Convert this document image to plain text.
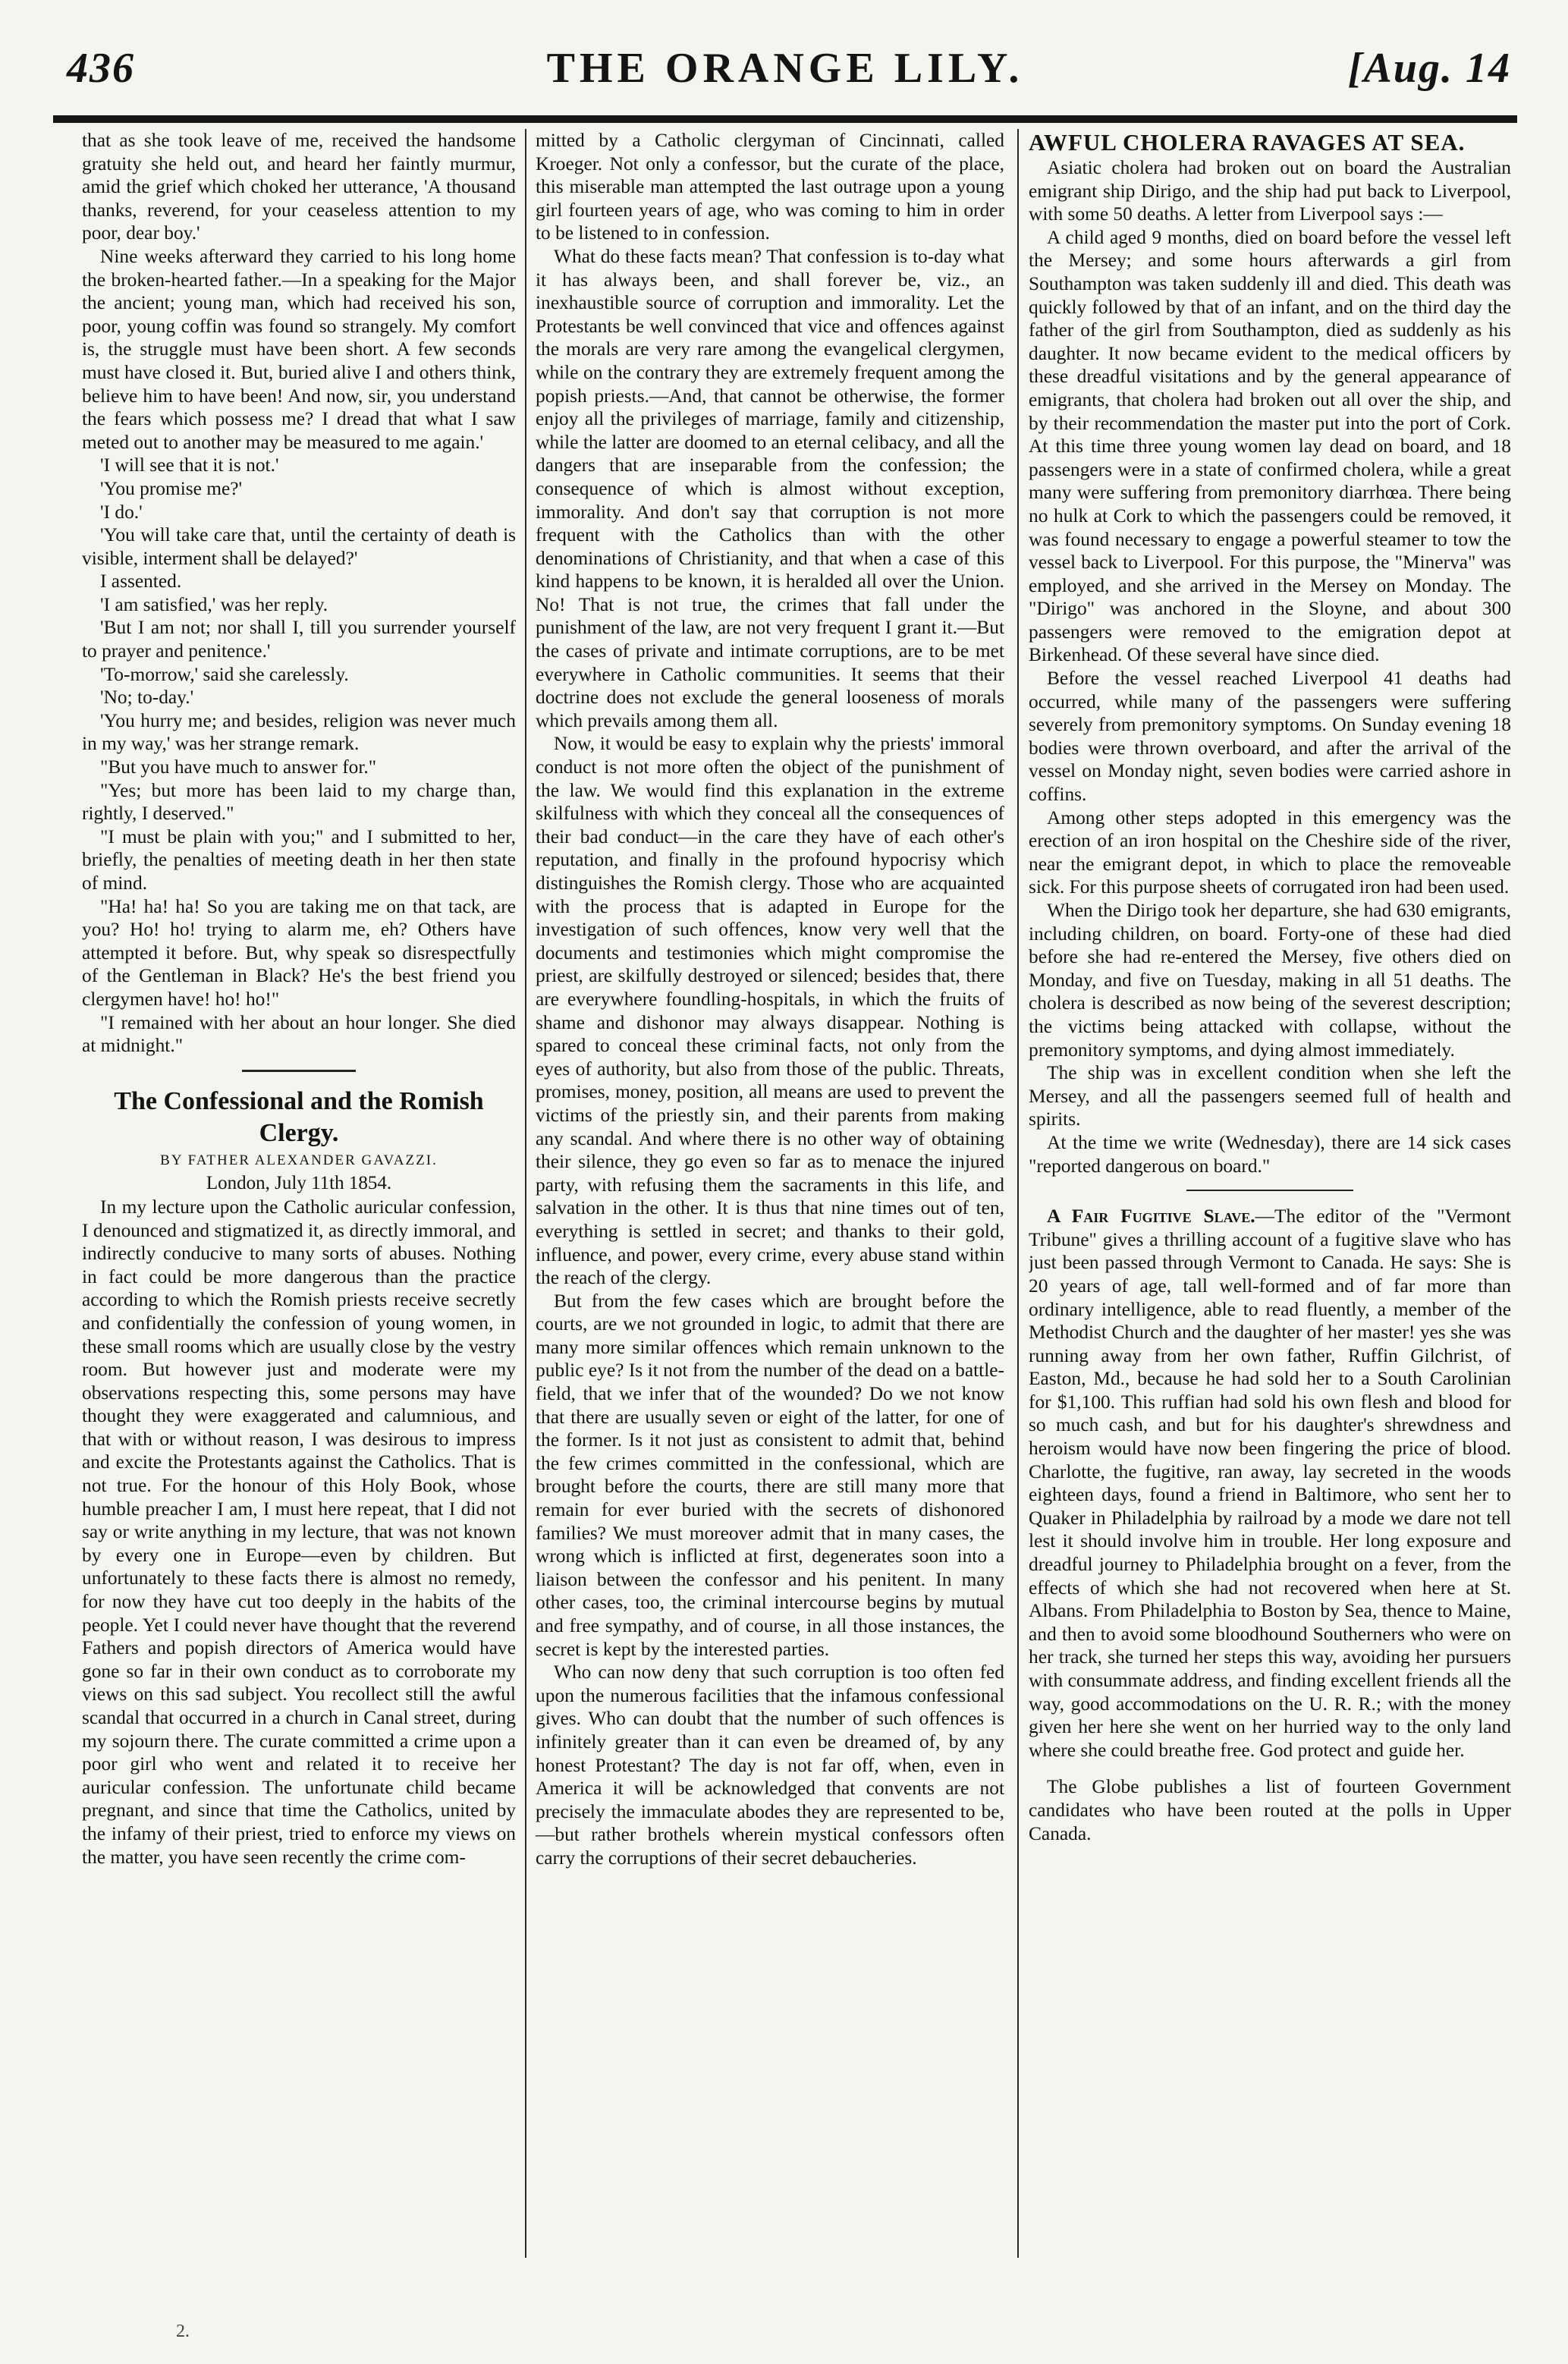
436	THE ORANGE LILY.	[Aug. 14

that as she took leave of me, received the handsome gratuity she held out, and heard her faintly murmur, amid the grief which choked her utterance, 'A thousand thanks, reverend, for your ceaseless attention to my poor, dear boy.'

Nine weeks afterward they carried to his long home the broken-hearted father.—In a speaking for the Major the ancient; young man, which had received his son, poor, young coffin was found so strangely. My comfort is, the struggle must have been short. A few seconds must have closed it. But, buried alive I and others think, believe him to have been! And now, sir, you understand the fears which possess me? I dread that what I saw meted out to another may be measured to me again.'

'I will see that it is not.'

'You promise me?'

'I do.'

'You will take care that, until the certainty of death is visible, interment shall be delayed?'

I assented.

'I am satisfied,' was her reply.

'But I am not; nor shall I, till you surrender yourself to prayer and penitence.'

'To-morrow,' said she carelessly.

'No; to-day.'

'You hurry me; and besides, religion was never much in my way,' was her strange remark.

"But you have much to answer for."

"Yes; but more has been laid to my charge than, rightly, I deserved."

"I must be plain with you;" and I submitted to her, briefly, the penalties of meeting death in her then state of mind.

"Ha! ha! ha! So you are taking me on that tack, are you? Ho! ho! trying to alarm me, eh? Others have attempted it before. But, why speak so disrespectfully of the Gentleman in Black? He's the best friend you clergymen have! ho! ho!"

"I remained with her about an hour longer. She died at midnight."

The Confessional and the Romish Clergy.

BY FATHER ALEXANDER GAVAZZI.

London, July 11th 1854.

In my lecture upon the Catholic auricular confession, I denounced and stigmatized it, as directly immoral, and indirectly conducive to many sorts of abuses. Nothing in fact could be more dangerous than the practice according to which the Romish priests receive secretly and confidentially the confession of young women, in these small rooms which are usually close by the vestry room. But however just and moderate were my observations respecting this, some persons may have thought they were exaggerated and calumnious, and that with or without reason, I was desirous to impress and excite the Protestants against the Catholics. That is not true. For the honour of this Holy Book, whose humble preacher I am, I must here repeat, that I did not say or write anything in my lecture, that was not known by every one in Europe—even by children. But unfortunately to these facts there is almost no remedy, for now they have cut too deeply in the habits of the people. Yet I could never have thought that the reverend Fathers and popish directors of America would have gone so far in their own conduct as to corroborate my views on this sad subject. You recollect still the awful scandal that occurred in a church in Canal street, during my sojourn there. The curate committed a crime upon a poor girl who went and related it to receive her auricular confession. The unfortunate child became pregnant, and since that time the Catholics, united by the infamy of their priest, tried to enforce my views on the matter, you have seen recently the crime com-

mitted by a Catholic clergyman of Cincinnati, called Kroeger. Not only a confessor, but the curate of the place, this miserable man attempted the last outrage upon a young girl fourteen years of age, who was coming to him in order to be listened to in confession.

What do these facts mean? That confession is to-day what it has always been, and shall forever be, viz., an inexhaustible source of corruption and immorality. Let the Protestants be well convinced that vice and offences against the morals are very rare among the evangelical clergymen, while on the contrary they are extremely frequent among the popish priests.—And, that cannot be otherwise, the former enjoy all the privileges of marriage, family and citizenship, while the latter are doomed to an eternal celibacy, and all the dangers that are inseparable from the confession; the consequence of which is almost without exception, immorality. And don't say that corruption is not more frequent with the Catholics than with the other denominations of Christianity, and that when a case of this kind happens to be known, it is heralded all over the Union. No! That is not true, the crimes that fall under the punishment of the law, are not very frequent I grant it.—But the cases of private and intimate corruptions, are to be met everywhere in Catholic communities. It seems that their doctrine does not exclude the general looseness of morals which prevails among them all.

Now, it would be easy to explain why the priests' immoral conduct is not more often the object of the punishment of the law. We would find this explanation in the extreme skilfulness with which they conceal all the consequences of their bad conduct—in the care they have of each other's reputation, and finally in the profound hypocrisy which distinguishes the Romish clergy. Those who are acquainted with the process that is adapted in Europe for the investigation of such offences, know very well that the documents and testimonies which might compromise the priest, are skilfully destroyed or silenced; besides that, there are everywhere foundling-hospitals, in which the fruits of shame and dishonor may always disappear. Nothing is spared to conceal these criminal facts, not only from the eyes of authority, but also from those of the public. Threats, promises, money, position, all means are used to prevent the victims of the priestly sin, and their parents from making any scandal. And where there is no other way of obtaining their silence, they go even so far as to menace the injured party, with refusing them the sacraments in this life, and salvation in the other. It is thus that nine times out of ten, everything is settled in secret; and thanks to their gold, influence, and power, every crime, every abuse stand within the reach of the clergy.

But from the few cases which are brought before the courts, are we not grounded in logic, to admit that there are many more similar offences which remain unknown to the public eye? Is it not from the number of the dead on a battle-field, that we infer that of the wounded? Do we not know that there are usually seven or eight of the latter, for one of the former. Is it not just as consistent to admit that, behind the few crimes committed in the confessional, which are brought before the courts, there are still many more that remain for ever buried with the secrets of dishonored families? We must moreover admit that in many cases, the wrong which is inflicted at first, degenerates soon into a liaison between the confessor and his penitent. In many other cases, too, the criminal intercourse begins by mutual and free sympathy, and of course, in all those instances, the secret is kept by the interested parties.

Who can now deny that such corruption is too often fed upon the numerous facilities that the infamous confessional gives. Who can doubt that the number of such offences is infinitely greater than it can even be dreamed of, by any honest Protestant? The day is not far off, when, even in America it will be acknowledged that convents are not precisely the immaculate abodes they are represented to be,—but rather brothels wherein mystical confessors often carry the corruptions of their secret debaucheries.

AWFUL CHOLERA RAVAGES AT SEA.

Asiatic cholera had broken out on board the Australian emigrant ship Dirigo, and the ship had put back to Liverpool, with some 50 deaths. A letter from Liverpool says :—

A child aged 9 months, died on board before the vessel left the Mersey; and some hours afterwards a girl from Southampton was taken suddenly ill and died. This death was quickly followed by that of an infant, and on the third day the father of the girl from Southampton, died as suddenly as his daughter. It now became evident to the medical officers by these dreadful visitations and by the general appearance of emigrants, that cholera had broken out all over the ship, and by their recommendation the master put into the port of Cork. At this time three young women lay dead on board, and 18 passengers were in a state of confirmed cholera, while a great many were suffering from premonitory diarrhœa. There being no hulk at Cork to which the passengers could be removed, it was found necessary to engage a powerful steamer to tow the vessel back to Liverpool. For this purpose, the "Minerva" was employed, and she arrived in the Mersey on Monday. The "Dirigo" was anchored in the Sloyne, and about 300 passengers were removed to the emigration depot at Birkenhead. Of these several have since died.

Before the vessel reached Liverpool 41 deaths had occurred, while many of the passengers were suffering severely from premonitory symptoms. On Sunday evening 18 bodies were thrown overboard, and after the arrival of the vessel on Monday night, seven bodies were carried ashore in coffins.

Among other steps adopted in this emergency was the erection of an iron hospital on the Cheshire side of the river, near the emigrant depot, in which to place the removeable sick. For this purpose sheets of corrugated iron had been used.

When the Dirigo took her departure, she had 630 emigrants, including children, on board. Forty-one of these had died before she had re-entered the Mersey, five others died on Monday, and five on Tuesday, making in all 51 deaths. The cholera is described as now being of the severest description; the victims being attacked with collapse, without the premonitory symptoms, and dying almost immediately.

The ship was in excellent condition when she left the Mersey, and all the passengers seemed full of health and spirits.

At the time we write (Wednesday), there are 14 sick cases "reported dangerous on board."

A Fair Fugitive Slave.—The editor of the "Vermont Tribune" gives a thrilling account of a fugitive slave who has just been passed through Vermont to Canada. He says: She is 20 years of age, tall well-formed and of far more than ordinary intelligence, able to read fluently, a member of the Methodist Church and the daughter of her master! yes she was running away from her own father, Ruffin Gilchrist, of Easton, Md., because he had sold her to a South Carolinian for $1,100. This ruffian had sold his own flesh and blood for so much cash, and but for his daughter's shrewdness and heroism would have now been fingering the price of blood. Charlotte, the fugitive, ran away, lay secreted in the woods eighteen days, found a friend in Baltimore, who sent her to Quaker in Philadelphia by railroad by a mode we dare not tell lest it should involve him in trouble. Her long exposure and dreadful journey to Philadelphia brought on a fever, from the effects of which she had not recovered when here at St. Albans. From Philadelphia to Boston by Sea, thence to Maine, and then to avoid some bloodhound Southerners who were on her track, she turned her steps this way, avoiding her pursuers with consummate address, and finding excellent friends all the way, good accommodations on the U. R. R.; with the money given her here she went on her hurried way to the only land where she could breathe free. God protect and guide her.

The Globe publishes a list of fourteen Government candidates who have been routed at the polls in Upper Canada.

2.
